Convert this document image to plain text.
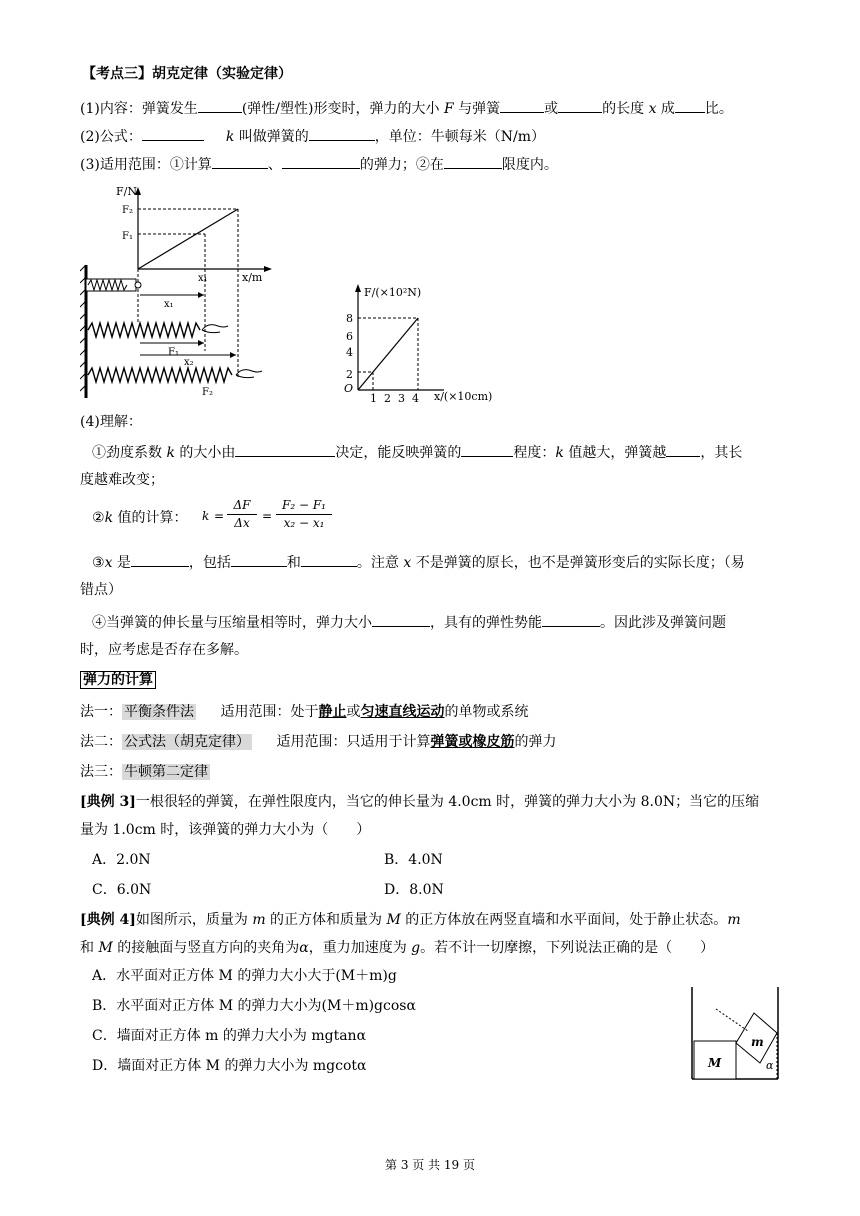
【考点三】胡克定律（实验定律）
(1)内容：弹簧发生	(弹性/塑性)形变时，弹力的大小 F 与弹簧	或	的长度 x 成 比。
(2)公式：	k 叫做弹簧的	，单位：牛顿每米（N/m）
(3)适用范围：①计算	、	的弹力；②在	限度内。
F/N
F₂
F₁
x/m
x₁
x₁
F₁
x₂
F₂
F/(×10²N)
x/(×10cm)
O
2
4
6
8
1 2 3 4
(4)理解：
①劲度系数 k 的大小由	决定，能反映弹簧的	程度：k 值越大，弹簧越 ，其长
度越难改变；
②k 值的计算： k =
ΔF
Δx	=
F₂ − F₁
x₂ − x₁
③x 是	，包括	和	。注意 x 不是弹簧的原长，也不是弹簧形变后的实际长度；（易
错点）
④当弹簧的伸长量与压缩量相等时，弹力大小	，具有的弹性势能	。因此涉及弹簧问题
时，应考虑是否存在多解。
弹力的计算
法一： 平衡条件法 适用范围：处于静止或匀速直线运动的单物或系统
法二： 公式法（胡克定律） 适用范围：只适用于计算弹簧或橡皮筋的弹力
法三： 牛顿第二定律
[典例 3]一根很轻的弹簧，在弹性限度内，当它的伸长量为 4.0cm 时，弹簧的弹力大小为 8.0N；当它的压缩
量为 1.0cm 时，该弹簧的弹力大小为（　　）
A．2.0N	B．4.0N
C．6.0N	D．8.0N
[典例 4]如图所示，质量为 m 的正方体和质量为 M 的正方体放在两竖直墙和水平面间，处于静止状态。m
和 M 的接触面与竖直方向的夹角为α，重力加速度为 g。若不计一切摩擦，下列说法正确的是（　　）
A．水平面对正方体 M 的弹力大小大于(M＋m)g
B．水平面对正方体 M 的弹力大小为(M＋m)gcosα
C．墙面对正方体 m 的弹力大小为 mgtanα
D．墙面对正方体 M 的弹力大小为 mgcotα
m
M	α
第 3 页 共 19 页
